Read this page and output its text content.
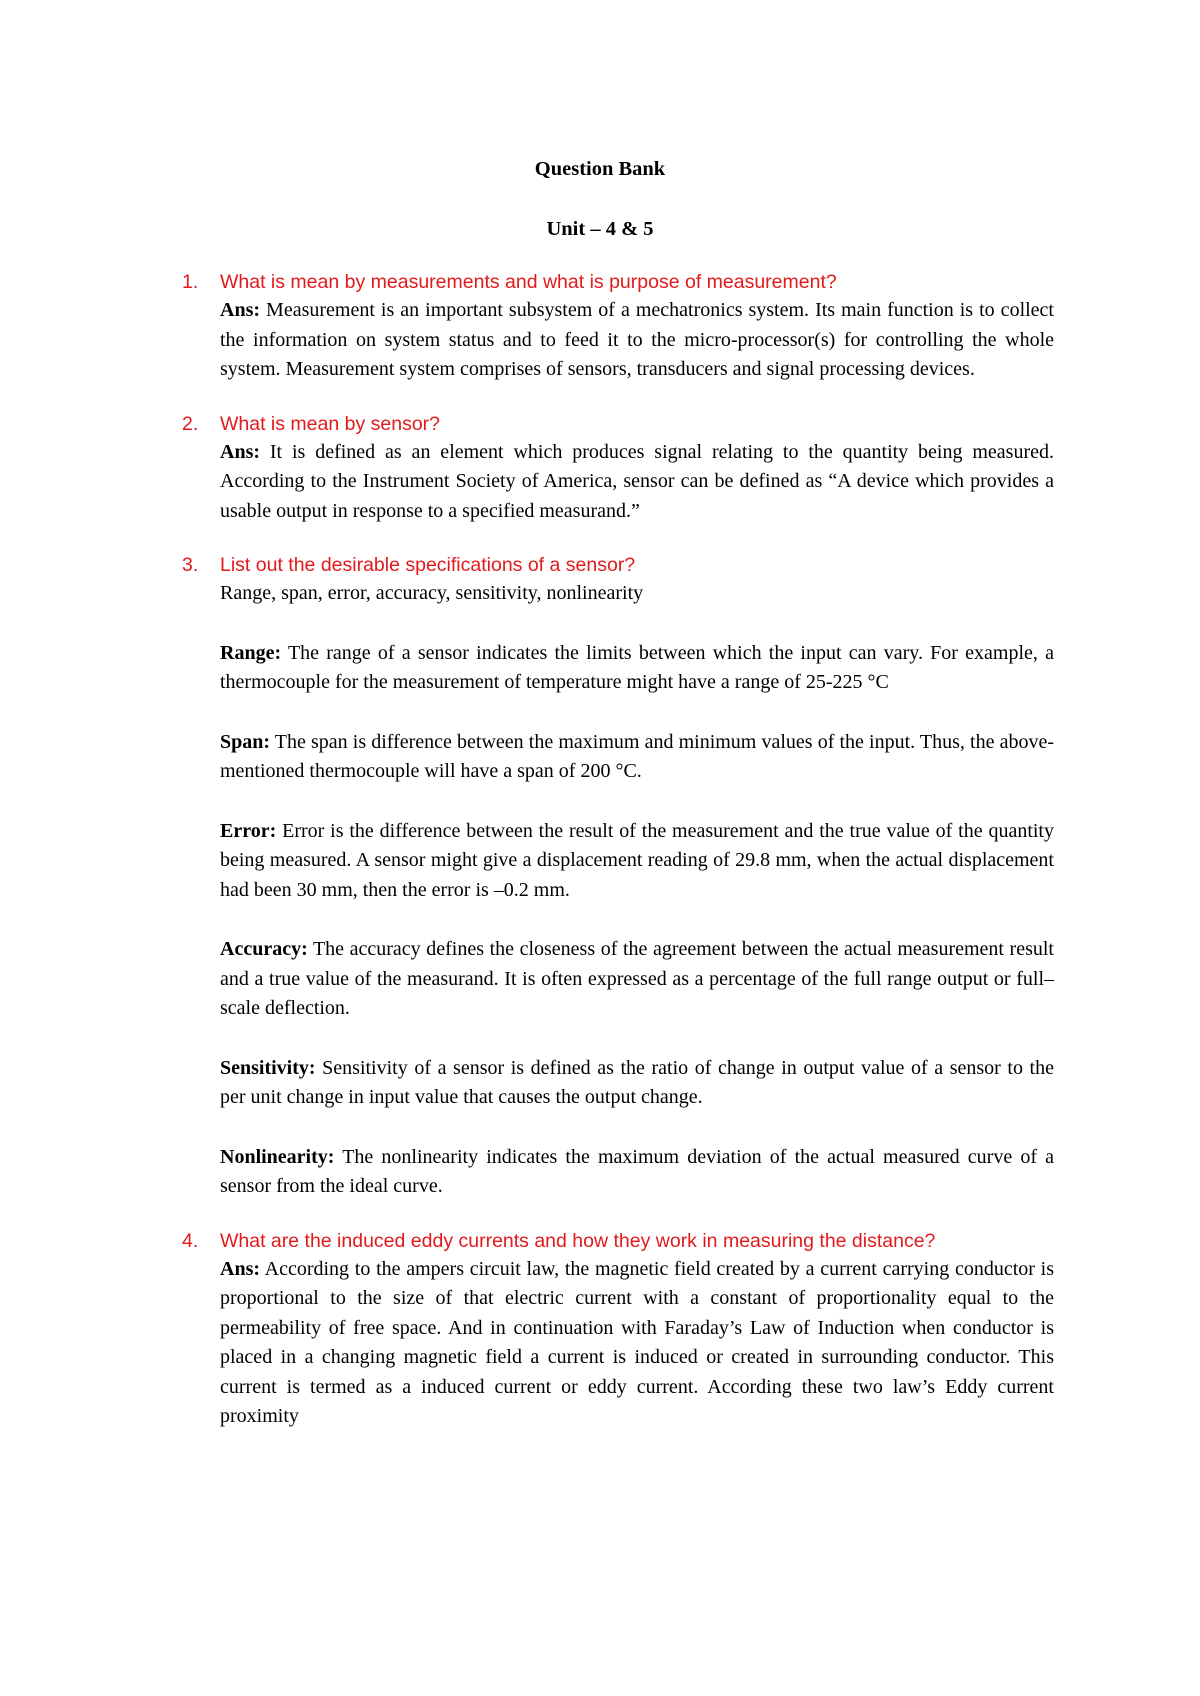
Question Bank
Unit – 4 & 5
1.	What is mean by measurements and what is purpose of measurement?

Ans: Measurement is an important subsystem of a mechatronics system. Its main function is to collect the information on system status and to feed it to the micro-processor(s) for controlling the whole system. Measurement system comprises of sensors, transducers and signal processing devices.

2.	What is mean by sensor?

Ans: It is defined as an element which produces signal relating to the quantity being measured. According to the Instrument Society of America, sensor can be defined as “A device which provides a usable output in response to a specified measurand.”

3.	List out the desirable specifications of a sensor?

Range, span, error, accuracy, sensitivity, nonlinearity

Range: The range of a sensor indicates the limits between which the input can vary. For example, a thermocouple for the measurement of temperature might have a range of 25-225 °C

Span: The span is difference between the maximum and minimum values of the input. Thus, the above-mentioned thermocouple will have a span of 200 °C.

Error: Error is the difference between the result of the measurement and the true value of the quantity being measured. A sensor might give a displacement reading of 29.8 mm, when the actual displacement had been 30 mm, then the error is –0.2 mm.

Accuracy: The accuracy defines the closeness of the agreement between the actual measurement result and a true value of the measurand. It is often expressed as a percentage of the full range output or full–scale deflection.

Sensitivity: Sensitivity of a sensor is defined as the ratio of change in output value of a sensor to the per unit change in input value that causes the output change.

Nonlinearity: The nonlinearity indicates the maximum deviation of the actual measured curve of a sensor from the ideal curve.

4.	What are the induced eddy currents and how they work in measuring the distance?

Ans: According to the ampers circuit law, the magnetic field created by a current carrying conductor is proportional to the size of that electric current with a constant of proportionality equal to the permeability of free space. And in continuation with Faraday’s Law of Induction when conductor is placed in a changing magnetic field a current is induced or created in surrounding conductor. This current is termed as a induced current or eddy current. According these two law’s Eddy current proximity
